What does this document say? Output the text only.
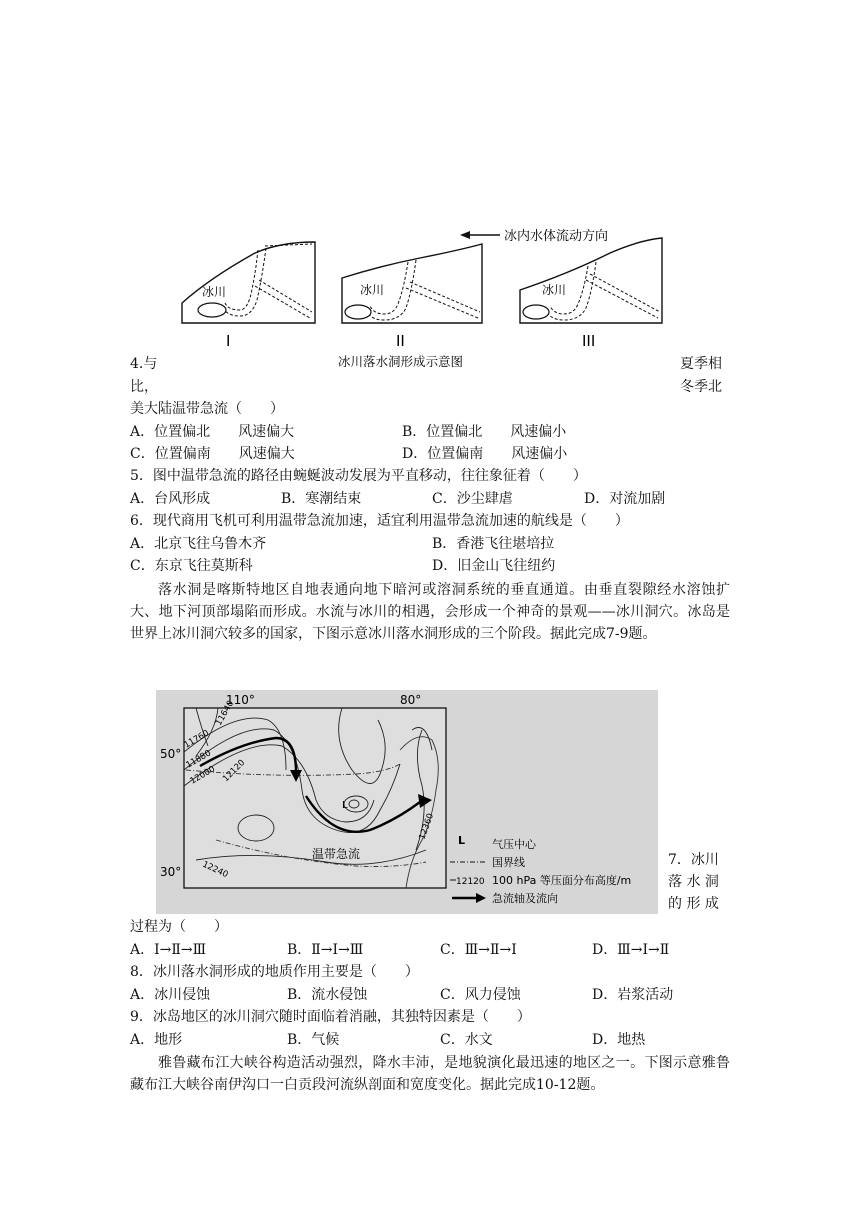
冰内水体流动方向
冰川
I
冰川
II
冰川
III
冰川落水洞形成示意图
4.与	夏季相
比，	冬季北
美大陆温带急流（　　）
A．位置偏北　　风速偏大	B．位置偏北　　风速偏小
C．位置偏南　　风速偏大	D．位置偏南　　风速偏小
5．图中温带急流的路径由蜿蜒波动发展为平直移动，往往象征着（　　）
A．台风形成	B．寒潮结束	C．沙尘肆虐	D．对流加剧
6．现代商用飞机可利用温带急流加速，适宜利用温带急流加速的航线是（　　）
A．北京飞往乌鲁木齐	B．香港飞往堪培拉
C．东京飞往莫斯科	D．旧金山飞往纽约
落水洞是喀斯特地区自地表通向地下暗河或溶洞系统的垂直通道。由垂直裂隙经水溶蚀扩大、地下河顶部塌陷而形成。水流与冰川的相遇，会形成一个神奇的景观——冰川洞穴。冰岛是世界上冰川洞穴较多的国家，下图示意冰川落水洞形成的三个阶段。据此完成7-9题。
110°	80°
50°
30°
11640
11760
11880
12000 12120
12240
12360
L
温带急流
L 气压中心
国界线
12120 100 hPa 等压面分布高度/m
急流轴及流向
7．冰川
落 水 洞
的 形 成
过程为（　　）
A．Ⅰ→Ⅱ→Ⅲ	B．Ⅱ→Ⅰ→Ⅲ	C．Ⅲ→Ⅱ→Ⅰ	D．Ⅲ→Ⅰ→Ⅱ
8．冰川落水洞形成的地质作用主要是（　　）
A．冰川侵蚀	B．流水侵蚀	C．风力侵蚀	D．岩浆活动
9．冰岛地区的冰川洞穴随时面临着消融，其独特因素是（　　）
A．地形	B．气候	C．水文	D．地热
雅鲁藏布江大峡谷构造活动强烈，降水丰沛，是地貌演化最迅速的地区之一。下图示意雅鲁藏布江大峡谷南伊沟口一白贡段河流纵剖面和宽度变化。据此完成10-12题。
